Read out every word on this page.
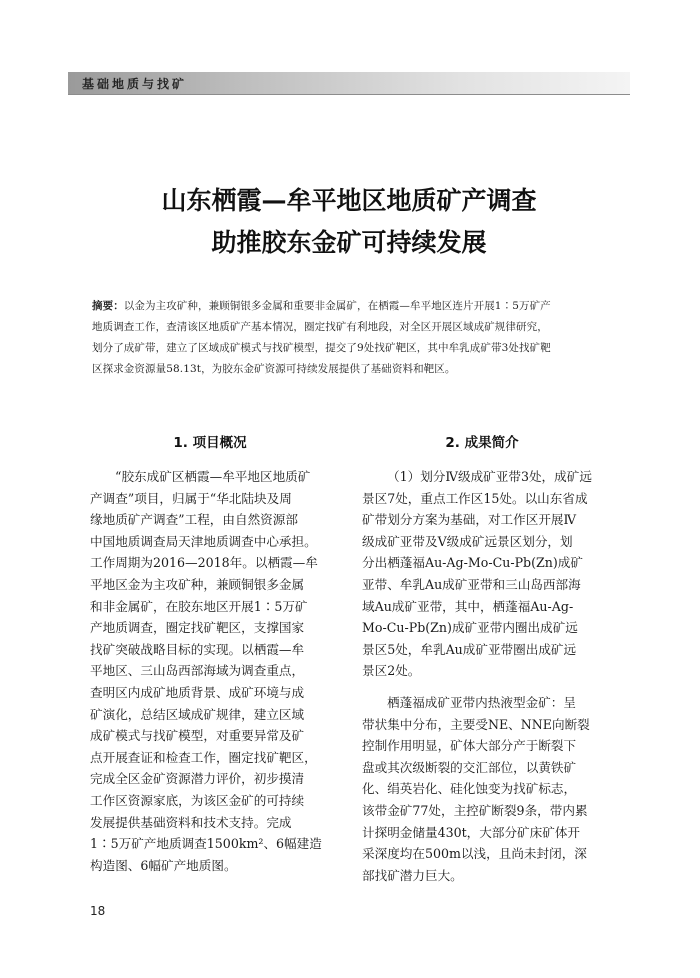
基础地质与找矿
山东栖霞—牟平地区地质矿产调查
助推胶东金矿可持续发展
摘要：以金为主攻矿种，兼顾铜银多金属和重要非金属矿，在栖霞—牟平地区连片开展1∶5万矿产
地质调查工作，查清该区地质矿产基本情况，圈定找矿有利地段，对全区开展区域成矿规律研究，
划分了成矿带，建立了区域成矿模式与找矿模型，提交了9处找矿靶区，其中牟乳成矿带3处找矿靶
区探求金资源量58.13t，为胶东金矿资源可持续发展提供了基础资料和靶区。
1. 项目概况
“胶东成矿区栖霞—牟平地区地质矿
产调查”项目，归属于“华北陆块及周
缘地质矿产调查”工程，由自然资源部
中国地质调查局天津地质调查中心承担。
工作周期为2016—2018年。以栖霞—牟
平地区金为主攻矿种，兼顾铜银多金属
和非金属矿，在胶东地区开展1∶5万矿
产地质调查，圈定找矿靶区，支撑国家
找矿突破战略目标的实现。以栖霞—牟
平地区、三山岛西部海域为调查重点，
查明区内成矿地质背景、成矿环境与成
矿演化，总结区域成矿规律，建立区域
成矿模式与找矿模型，对重要异常及矿
点开展查证和检查工作，圈定找矿靶区，
完成全区金矿资源潜力评价，初步摸清
工作区资源家底，为该区金矿的可持续
发展提供基础资料和技术支持。完成
1∶5万矿产地质调查1500km²、6幅建造
构造图、6幅矿产地质图。
2. 成果简介
（1）划分Ⅳ级成矿亚带3处，成矿远
景区7处，重点工作区15处。以山东省成
矿带划分方案为基础，对工作区开展Ⅳ
级成矿亚带及Ⅴ级成矿远景区划分，划
分出栖蓬福Au-Ag-Mo-Cu-Pb(Zn)成矿
亚带、牟乳Au成矿亚带和三山岛西部海
域Au成矿亚带，其中，栖蓬福Au-Ag-
Mo-Cu-Pb(Zn)成矿亚带内圈出成矿远
景区5处，牟乳Au成矿亚带圈出成矿远
景区2处。
栖蓬福成矿亚带内热液型金矿：呈
带状集中分布，主要受NE、NNE向断裂
控制作用明显，矿体大部分产于断裂下
盘或其次级断裂的交汇部位，以黄铁矿
化、绢英岩化、硅化蚀变为找矿标志，
该带金矿77处，主控矿断裂9条，带内累
计探明金储量430t，大部分矿床矿体开
采深度均在500m以浅，且尚未封闭，深
部找矿潜力巨大。
18
